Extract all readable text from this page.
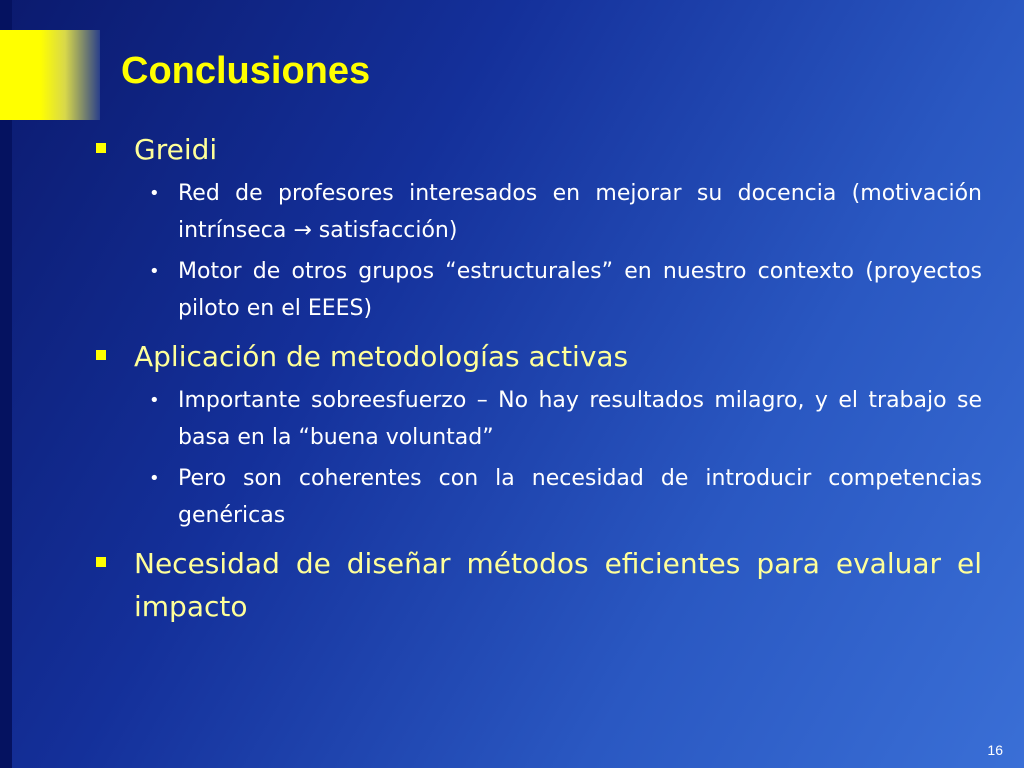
Conclusiones
Greidi
• Red de profesores interesados en mejorar su docencia (motivación intrínseca → satisfacción)
• Motor de otros grupos “estructurales” en nuestro contexto (proyectos piloto en el EEES)
Aplicación de metodologías activas
• Importante sobreesfuerzo – No hay resultados milagro, y el trabajo se basa en la “buena voluntad”
• Pero son coherentes con la necesidad de introducir competencias genéricas
Necesidad de diseñar métodos eficientes para evaluar el impacto
16
